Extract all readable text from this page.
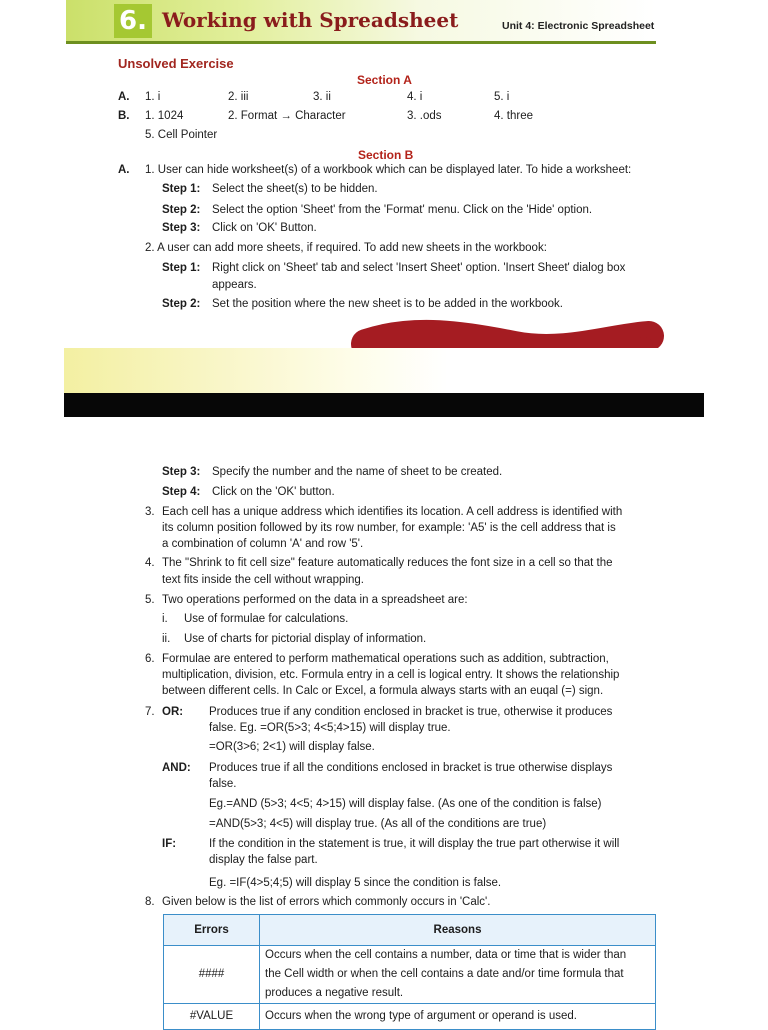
6. Working with Spreadsheet	Unit 4: Electronic Spreadsheet
Unsolved Exercise
Section A
A. 1. i	2. iii	3. ii	4. i	5. i
B. 1. 1024	2. Format → Character	3. .ods	4. three
5. Cell Pointer
Section B
A. 1. User can hide worksheet(s) of a workbook which can be displayed later. To hide a worksheet:
Step 1: Select the sheet(s) to be hidden.
Step 2: Select the option 'Sheet' from the 'Format' menu. Click on the 'Hide' option.
Step 3: Click on 'OK' Button.
2. A user can add more sheets, if required. To add new sheets in the workbook:
Step 1: Right click on 'Sheet' tab and select 'Insert Sheet' option. 'Insert Sheet' dialog box
appears.
Step 2: Set the position where the new sheet is to be added in the workbook.
Step 3: Specify the number and the name of sheet to be created.
Step 4: Click on the 'OK' button.
3. Each cell has a unique address which identifies its location. A cell address is identified with
its column position followed by its row number, for example: 'A5' is the cell address that is
a combination of column 'A' and row '5'.
4. The "Shrink to fit cell size" feature automatically reduces the font size in a cell so that the
text fits inside the cell without wrapping.
5. Two operations performed on the data in a spreadsheet are:
i. Use of formulae for calculations.
ii. Use of charts for pictorial display of information.
6. Formulae are entered to perform mathematical operations such as addition, subtraction,
multiplication, division, etc. Formula entry in a cell is logical entry. It shows the relationship
between different cells. In Calc or Excel, a formula always starts with an euqal (=) sign.
7. OR: Produces true if any condition enclosed in bracket is true, otherwise it produces
false. Eg. =OR(5>3; 4<5;4>15) will display true.
=OR(3>6; 2<1) will display false.
AND: Produces true if all the conditions enclosed in bracket is true otherwise displays
false.
Eg.=AND (5>3; 4<5; 4>15) will display false. (As one of the condition is false)
=AND(5>3; 4<5) will display true. (As all of the conditions are true)
IF:	If the condition in the statement is true, it will display the true part otherwise it will
display the false part.
Eg. =IF(4>5;4;5) will display 5 since the condition is false.
8. Given below is the list of errors which commonly occurs in 'Calc'.
Errors	Reasons
####	Occurs when the cell contains a number, data or time that is wider than
the Cell width or when the cell contains a date and/or time formula that
produces a negative result.

#VALUE	Occurs when the wrong type of argument or operand is used.
